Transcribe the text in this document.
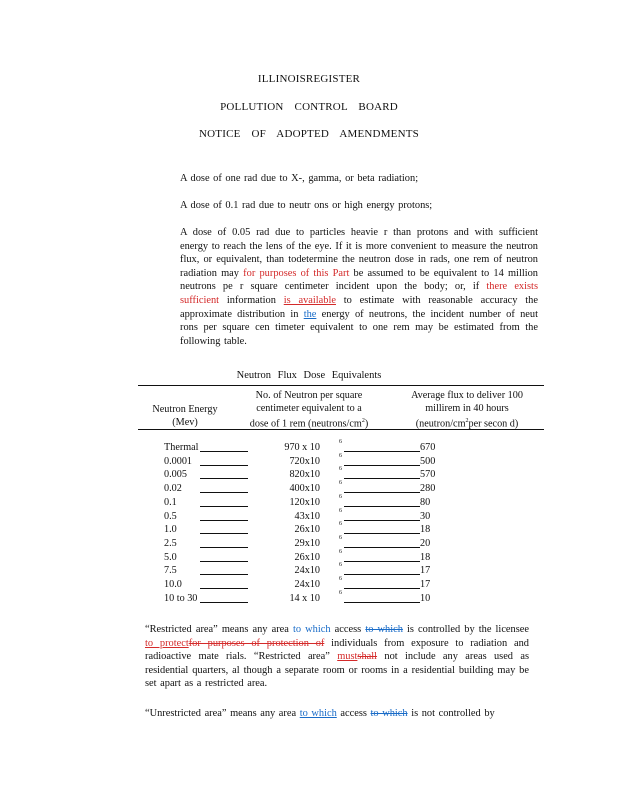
ILLINOISREGISTER
POLLUTION CONTROL BOARD
NOTICE OF ADOPTED AMENDMENTS
A dose of one rad due to X-, gamma, or beta radiation;
A dose of 0.1 rad due to neutr ons or high energy protons;
A dose of 0.05 rad due to particles heavie r than protons and with sufficient energy to reach the lens of the eye. If it is more convenient to measure the neutron flux, or equivalent, than todetermine the neutron dose in rads, one rem of neutron radiation may for purposes of this Part be assumed to be equivalent to 14 million neutrons pe r square centimeter incident upon the body; or, if there exists sufficient information is available to estimate with reasonable accuracy the approximate distribution in the energy of neutrons, the incident number of neut rons per square cen timeter equivalent to one rem may be estimated from the following table.
Neutron Flux Dose Equivalents
Neutron Energy
(Mev)
No. of Neutron per square
centimeter equivalent to a
dose of 1 rem $(neutrons/cm^2)$
Average flux to deliver 100
millirem in 40 hours
($neutron/cm^2per$ secon d)
Thermal	970 x 10	6	670
0.0001	720x10	6	500
0.005	820x10	6	570
0.02	400x10	6	280
0.1	120x10	6	80
0.5	43x10	6	30
1.0	26x10	6	18
2.5	29x10	6	20
5.0	26x10	6	18
7.5	24x10	6	17
10.0	24x10	6	17
10 to 30	14 x 10	6	10
“Restricted area” means any area to which access to which is controlled by the licensee to protectfor purposes of protection of individuals from exposure to radiation and radioactive mate rials. “Restricted area” mustshall not include any areas used as residential quarters, al though a separate room or rooms in a residential building may be set apart as a restricted area.
“Unrestricted area” means any area to which access to which is not controlled by
